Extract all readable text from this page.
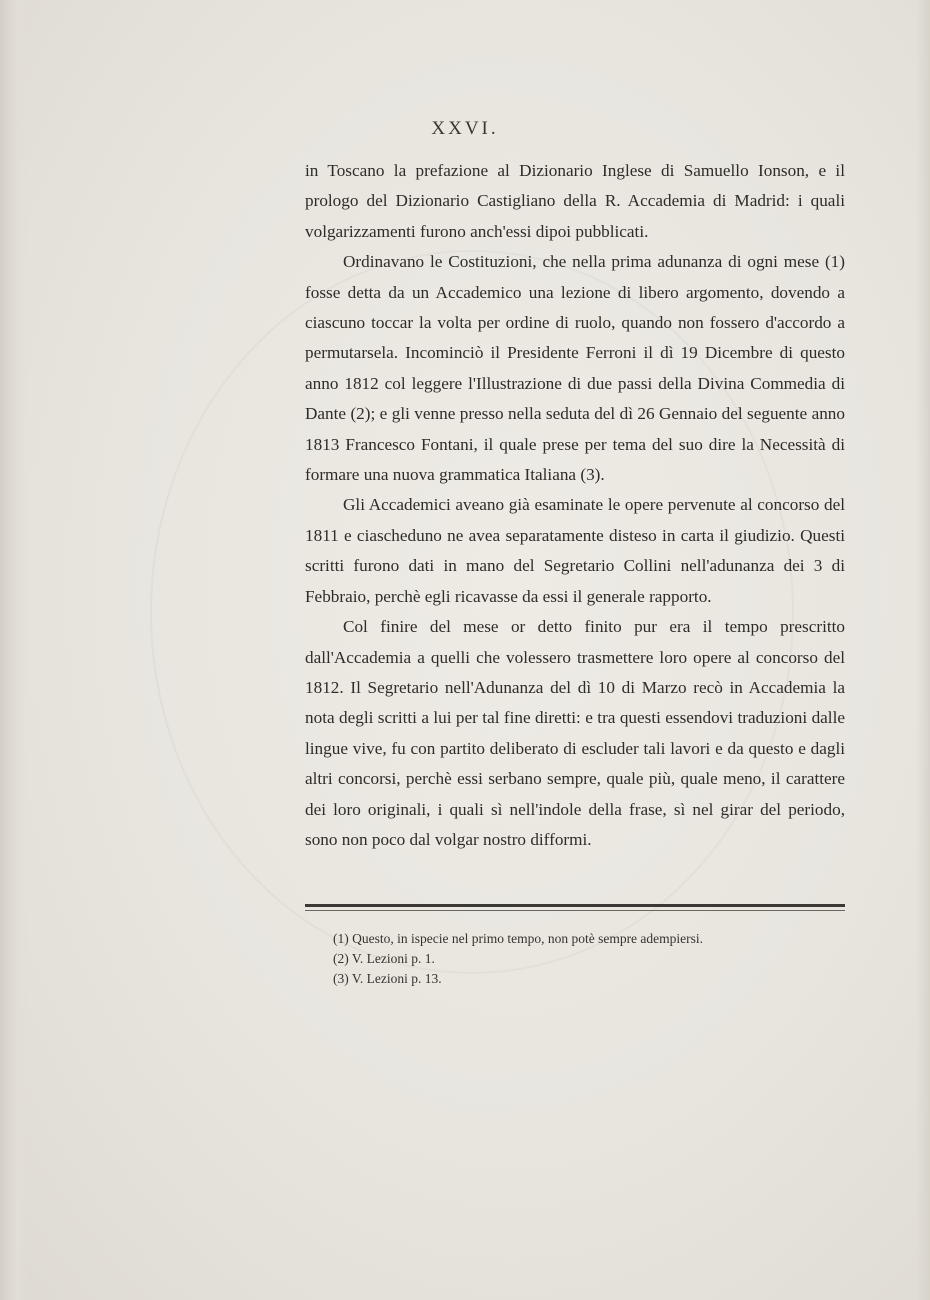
XXVI.

in Toscano la prefazione al Dizionario Inglese di Samuello Ionson, e il prologo del Dizionario Castigliano della R. Accademia di Madrid: i quali volgarizzamenti furono anch'essi dipoi pubblicati.

Ordinavano le Costituzioni, che nella prima adunanza di ogni mese (1) fosse detta da un Accademico una lezione di libero argomento, dovendo a ciascuno toccar la volta per ordine di ruolo, quando non fossero d'accordo a permutarsela. Incominciò il Presidente Ferroni il dì 19 Dicembre di questo anno 1812 col leggere l'Illustrazione di due passi della Divina Commedia di Dante (2); e gli venne presso nella seduta del dì 26 Gennaio del seguente anno 1813 Francesco Fontani, il quale prese per tema del suo dire la Necessità di formare una nuova grammatica Italiana (3).

Gli Accademici aveano già esaminate le opere pervenute al concorso del 1811 e ciascheduno ne avea separatamente disteso in carta il giudizio. Questi scritti furono dati in mano del Segretario Collini nell'adunanza dei 3 di Febbraio, perchè egli ricavasse da essi il generale rapporto.

Col finire del mese or detto finito pur era il tempo prescritto dall'Accademia a quelli che volessero trasmettere loro opere al concorso del 1812. Il Segretario nell'Adunanza del dì 10 di Marzo recò in Accademia la nota degli scritti a lui per tal fine diretti: e tra questi essendovi traduzioni dalle lingue vive, fu con partito deliberato di escluder tali lavori e da questo e dagli altri concorsi, perchè essi serbano sempre, quale più, quale meno, il carattere dei loro originali, i quali sì nell'indole della frase, sì nel girar del periodo, sono non poco dal volgar nostro difformi.

(1) Questo, in ispecie nel primo tempo, non potè sempre adempiersi.
(2) V. Lezioni p. 1.
(3) V. Lezioni p. 13.
